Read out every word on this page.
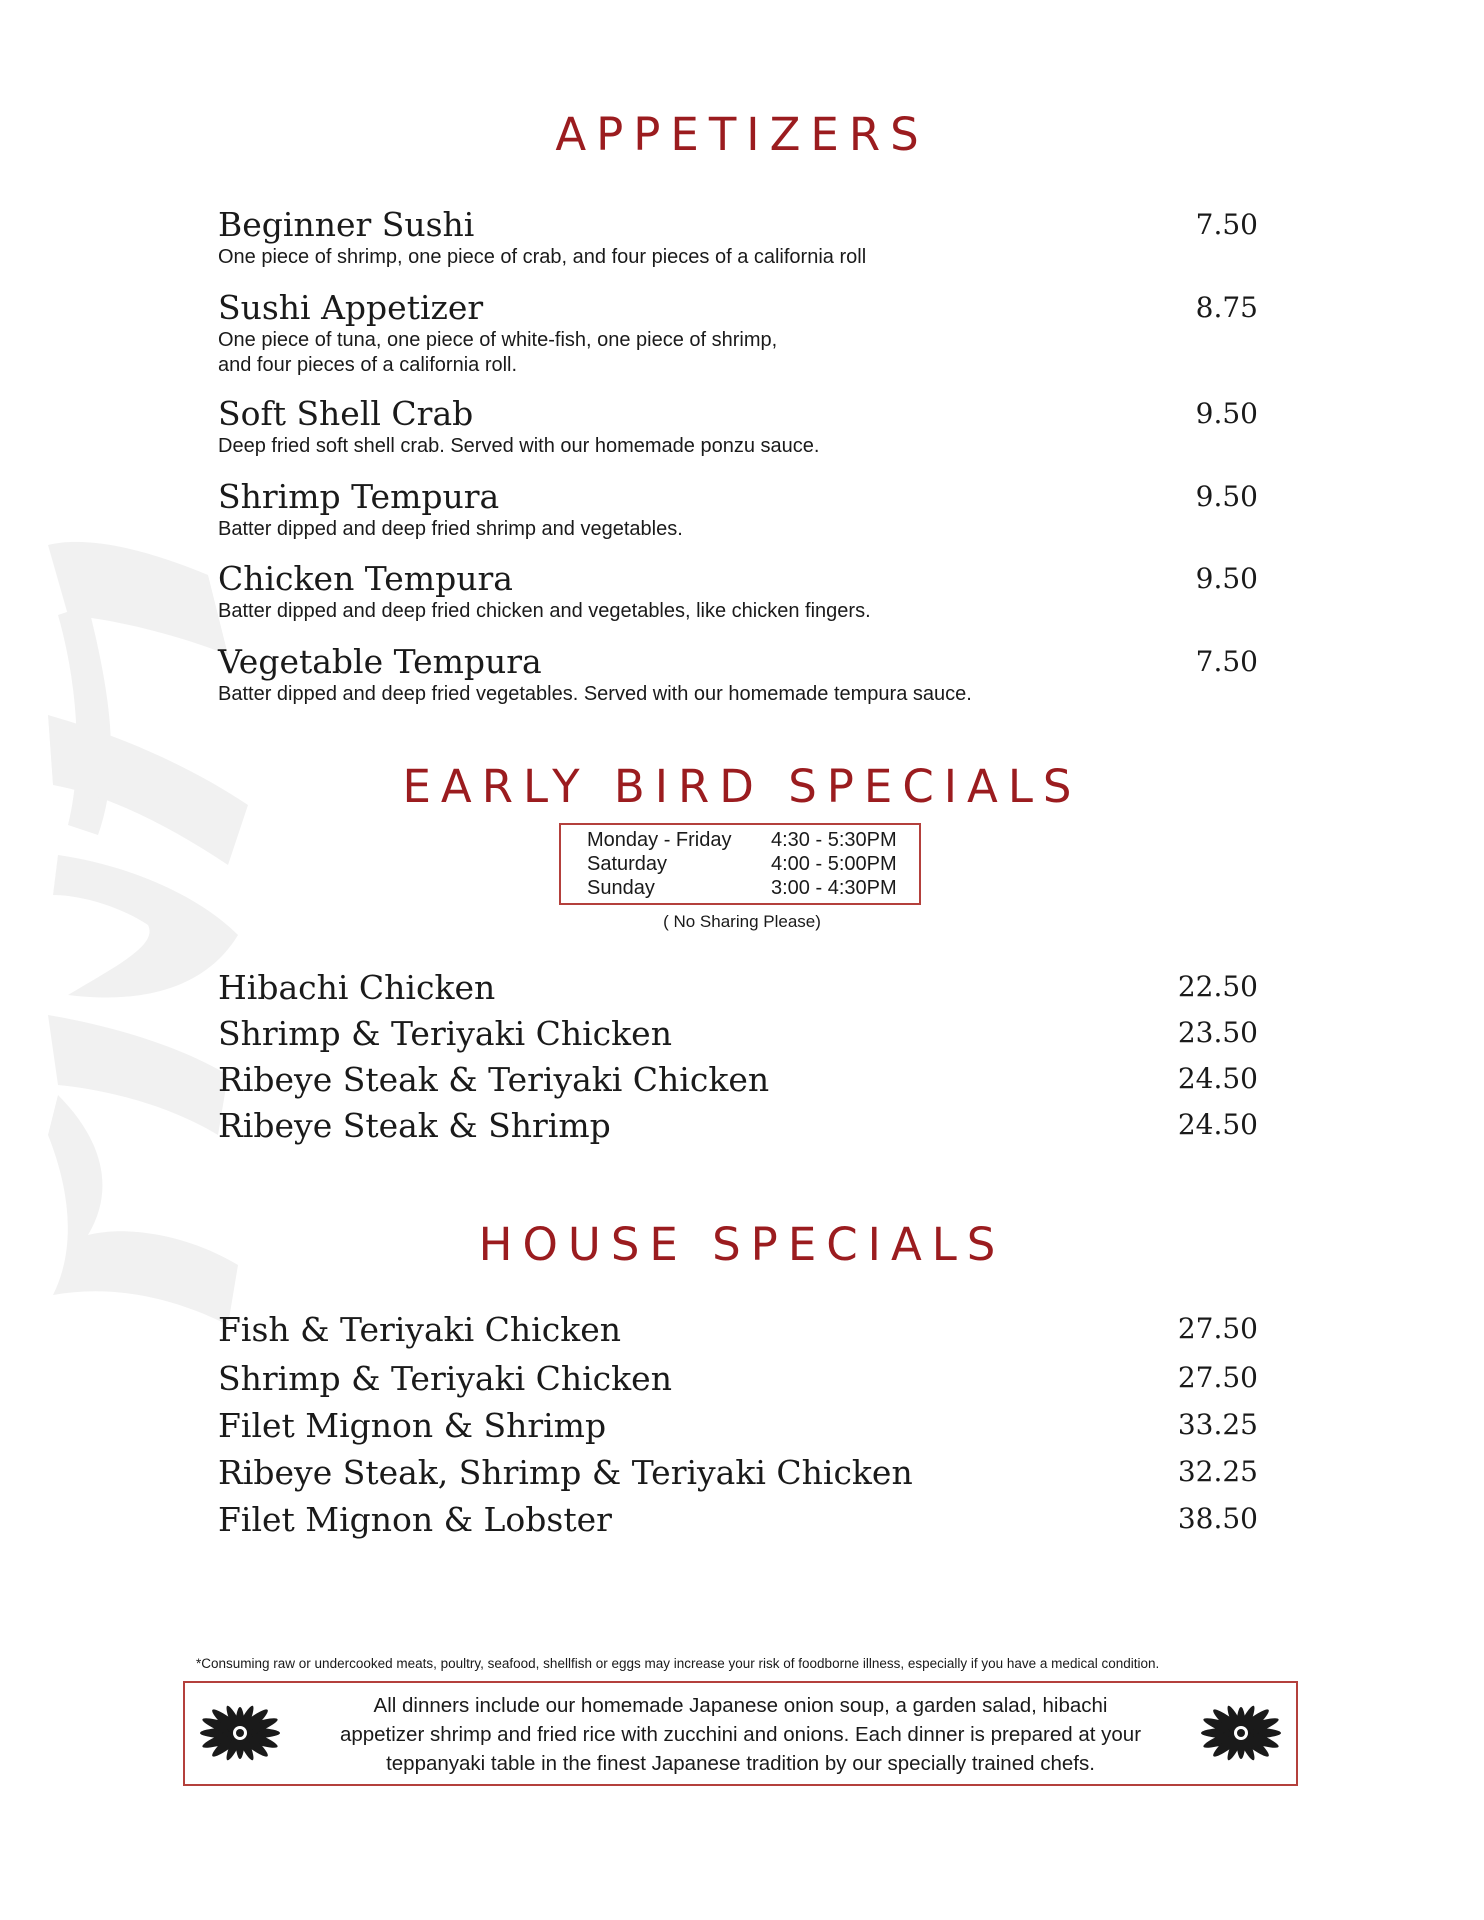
APPETIZERS
Beginner Sushi
One piece of shrimp, one piece of crab, and four pieces of a california roll
7.50
Sushi Appetizer
One piece of tuna, one piece of white-fish, one piece of shrimp,
and four pieces of a california roll.
8.75
Soft Shell Crab
Deep fried soft shell crab. Served with our homemade ponzu sauce.
9.50
Shrimp Tempura
Batter dipped and deep fried shrimp and vegetables.
9.50
Chicken Tempura
Batter dipped and deep fried chicken and vegetables, like chicken fingers.
9.50
Vegetable Tempura
Batter dipped and deep fried vegetables. Served with our homemade tempura sauce.
7.50
EARLY BIRD SPECIALS
Monday - Friday 4:30 - 5:30PM
Saturday	4:00 - 5:00PM
Sunday	3:00 - 4:30PM
( No Sharing Please)
Hibachi Chicken	22.50
Shrimp & Teriyaki Chicken	23.50
Ribeye Steak & Teriyaki Chicken	24.50
Ribeye Steak & Shrimp	24.50
HOUSE SPECIALS
Fish & Teriyaki Chicken	27.50
Shrimp & Teriyaki Chicken	27.50
Filet Mignon & Shrimp	33.25
Ribeye Steak, Shrimp & Teriyaki Chicken	32.25
Filet Mignon & Lobster	38.50
*Consuming raw or undercooked meats, poultry, seafood, shellfish or eggs may increase your risk of foodborne illness, especially if you have a medical condition.
All dinners include our homemade Japanese onion soup, a garden salad, hibachi
appetizer shrimp and fried rice with zucchini and onions. Each dinner is prepared at your
teppanyaki table in the finest Japanese tradition by our specially trained chefs.
